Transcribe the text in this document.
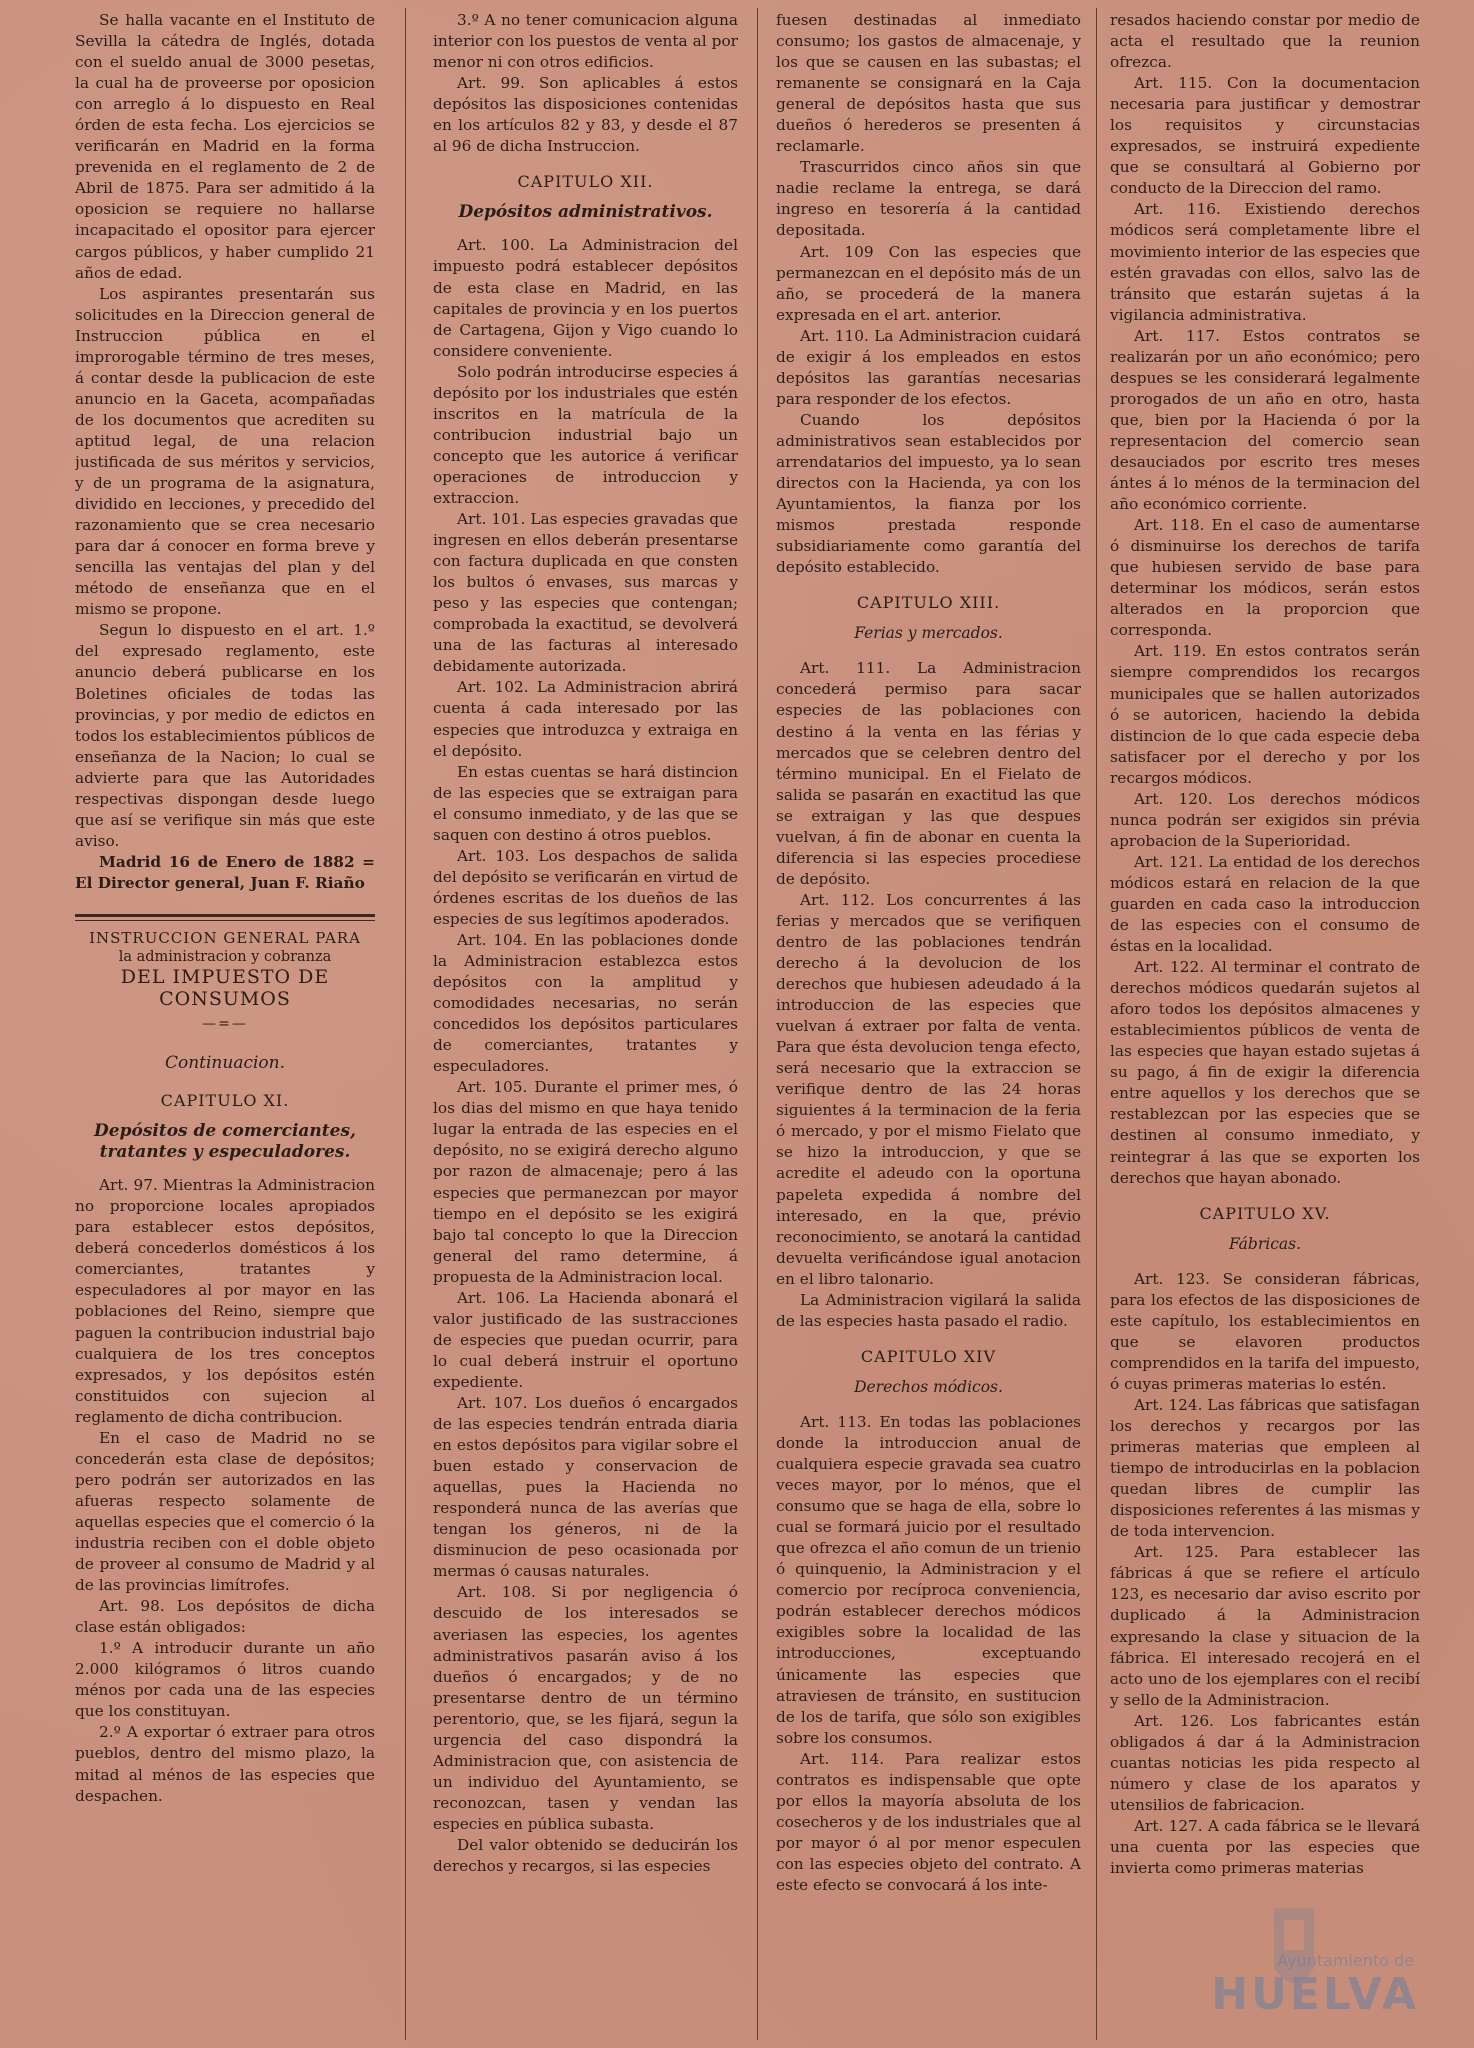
Se halla vacante en el Instituto de Sevilla la cátedra de Inglés, dotada con el sueldo anual de 3000 pesetas, la cual ha de proveerse por oposicion con arreglo á lo dispuesto en Real órden de esta fecha. Los ejercicios se verificarán en Madrid en la forma prevenida en el reglamento de 2 de Abril de 1875. Para ser admitido á la oposicion se requiere no hallarse incapacitado el opositor para ejercer cargos públicos, y haber cumplido 21 años de edad.

Los aspirantes presentarán sus solicitudes en la Direccion general de Instruccion pública en el improrogable término de tres meses, á contar desde la publicacion de este anuncio en la Gaceta, acompañadas de los documentos que acrediten su aptitud legal, de una relacion justificada de sus méritos y servicios, y de un programa de la asignatura, dividido en lecciones, y precedido del razonamiento que se crea necesario para dar á conocer en forma breve y sencilla las ventajas del plan y del método de enseñanza que en el mismo se propone.

Segun lo dispuesto en el art. 1.º del expresado reglamento, este anuncio deberá publicarse en los Boletines oficiales de todas las provincias, y por medio de edictos en todos los establecimientos públicos de enseñanza de la Nacion; lo cual se advierte para que las Autoridades respectivas dispongan desde luego que así se verifique sin más que este aviso.

Madrid 16 de Enero de 1882 = El Director general, Juan F. Riaño

INSTRUCCION GENERAL PARA

la administracion y cobranza

DEL IMPUESTO DE CONSUMOS

—=—

Continuacion.

CAPITULO XI.

Depósitos de comerciantes, tratantes y especuladores.

Art. 97. Mientras la Administracion no proporcione locales apropiados para establecer estos depósitos, deberá concederlos domésticos á los comerciantes, tratantes y especuladores al por mayor en las poblaciones del Reino, siempre que paguen la contribucion industrial bajo cualquiera de los tres conceptos expresados, y los depósitos estén constituidos con sujecion al reglamento de dicha contribucion.

En el caso de Madrid no se concederán esta clase de depósitos; pero podrán ser autorizados en las afueras respecto solamente de aquellas especies que el comercio ó la industria reciben con el doble objeto de proveer al consumo de Madrid y al de las provincias limítrofes.

Art. 98. Los depósitos de dicha clase están obligados:

1.º A introducir durante un año 2.000 kilógramos ó litros cuando ménos por cada una de las especies que los constituyan.

2.º A exportar ó extraer para otros pueblos, dentro del mismo plazo, la mitad al ménos de las especies que despachen.

3.º A no tener comunicacion alguna interior con los puestos de venta al por menor ni con otros edificios.

Art. 99. Son aplicables á estos depósitos las disposiciones contenidas en los artículos 82 y 83, y desde el 87 al 96 de dicha Instruccion.

CAPITULO XII.

Depósitos administrativos.

Art. 100. La Administracion del impuesto podrá establecer depósitos de esta clase en Madrid, en las capitales de provincia y en los puertos de Cartagena, Gijon y Vigo cuando lo considere conveniente.

Solo podrán introducirse especies á depósito por los industriales que estén inscritos en la matrícula de la contribucion industrial bajo un concepto que les autorice á verificar operaciones de introduccion y extraccion.

Art. 101. Las especies gravadas que ingresen en ellos deberán presentarse con factura duplicada en que consten los bultos ó envases, sus marcas y peso y las especies que contengan; comprobada la exactitud, se devolverá una de las facturas al interesado debidamente autorizada.

Art. 102. La Administracion abrirá cuenta á cada interesado por las especies que introduzca y extraiga en el depósito.

En estas cuentas se hará distincion de las especies que se extraigan para el consumo inmediato, y de las que se saquen con destino á otros pueblos.

Art. 103. Los despachos de salida del depósito se verificarán en virtud de órdenes escritas de los dueños de las especies de sus legítimos apoderados.

Art. 104. En las poblaciones donde la Administracion establezca estos depósitos con la amplitud y comodidades necesarias, no serán concedidos los depósitos particulares de comerciantes, tratantes y especuladores.

Art. 105. Durante el primer mes, ó los dias del mismo en que haya tenido lugar la entrada de las especies en el depósito, no se exigirá derecho alguno por razon de almacenaje; pero á las especies que permanezcan por mayor tiempo en el depósito se les exigirá bajo tal concepto lo que la Direccion general del ramo determine, á propuesta de la Administracion local.

Art. 106. La Hacienda abonará el valor justificado de las sustracciones de especies que puedan ocurrir, para lo cual deberá instruir el oportuno expediente.

Art. 107. Los dueños ó encargados de las especies tendrán entrada diaria en estos depósitos para vigilar sobre el buen estado y conservacion de aquellas, pues la Hacienda no responderá nunca de las averías que tengan los géneros, ni de la disminucion de peso ocasionada por mermas ó causas naturales.

Art. 108. Si por negligencia ó descuido de los interesados se averiasen las especies, los agentes administrativos pasarán aviso á los dueños ó encargados; y de no presentarse dentro de un término perentorio, que, se les fijará, segun la urgencia del caso dispondrá la Administracion que, con asistencia de un individuo del Ayuntamiento, se reconozcan, tasen y vendan las especies en pública subasta.

Del valor obtenido se deducirán los derechos y recargos, si las especies

fuesen destinadas al inmediato consumo; los gastos de almacenaje, y los que se causen en las subastas; el remanente se consignará en la Caja general de depósitos hasta que sus dueños ó herederos se presenten á reclamarle.

Trascurridos cinco años sin que nadie reclame la entrega, se dará ingreso en tesorería á la cantidad depositada.

Art. 109 Con las especies que permanezcan en el depósito más de un año, se procederá de la manera expresada en el art. anterior.

Art. 110. La Administracion cuidará de exigir á los empleados en estos depósitos las garantías necesarias para responder de los efectos.

Cuando los depósitos administrativos sean establecidos por arrendatarios del impuesto, ya lo sean directos con la Hacienda, ya con los Ayuntamientos, la fianza por los mismos prestada responde subsidiariamente como garantía del depósito establecido.

CAPITULO XIII.

Ferias y mercados.

Art. 111. La Administracion concederá permiso para sacar especies de las poblaciones con destino á la venta en las férias y mercados que se celebren dentro del término municipal. En el Fielato de salida se pasarán en exactitud las que se extraigan y las que despues vuelvan, á fin de abonar en cuenta la diferencia si las especies procediese de depósito.

Art. 112. Los concurrentes á las ferias y mercados que se verifiquen dentro de las poblaciones tendrán derecho á la devolucion de los derechos que hubiesen adeudado á la introduccion de las especies que vuelvan á extraer por falta de venta. Para que ésta devolucion tenga efecto, será necesario que la extraccion se verifique dentro de las 24 horas siguientes á la terminacion de la feria ó mercado, y por el mismo Fielato que se hizo la introduccion, y que se acredite el adeudo con la oportuna papeleta expedida á nombre del interesado, en la que, prévio reconocimiento, se anotará la cantidad devuelta verificándose igual anotacion en el libro talonario.

La Administracion vigilará la salida de las especies hasta pasado el radio.

CAPITULO XIV

Derechos módicos.

Art. 113. En todas las poblaciones donde la introduccion anual de cualquiera especie gravada sea cuatro veces mayor, por lo ménos, que el consumo que se haga de ella, sobre lo cual se formará juicio por el resultado que ofrezca el año comun de un trienio ó quinquenio, la Administracion y el comercio por recíproca conveniencia, podrán establecer derechos módicos exigibles sobre la localidad de las introducciones, exceptuando únicamente las especies que atraviesen de tránsito, en sustitucion de los de tarifa, que sólo son exigibles sobre los consumos.

Art. 114. Para realizar estos contratos es indispensable que opte por ellos la mayoría absoluta de los cosecheros y de los industriales que al por mayor ó al por menor especulen con las especies objeto del contrato. A este efecto se convocará á los inte-

resados haciendo constar por medio de acta el resultado que la reunion ofrezca.

Art. 115. Con la documentacion necesaria para justificar y demostrar los requisitos y circunstacias expresados, se instruirá expediente que se consultará al Gobierno por conducto de la Direccion del ramo.

Art. 116. Existiendo derechos módicos será completamente libre el movimiento interior de las especies que estén gravadas con ellos, salvo las de tránsito que estarán sujetas á la vigilancia administrativa.

Art. 117. Estos contratos se realizarán por un año económico; pero despues se les considerará legalmente prorogados de un año en otro, hasta que, bien por la Hacienda ó por la representacion del comercio sean desauciados por escrito tres meses ántes á lo ménos de la terminacion del año económico corriente.

Art. 118. En el caso de aumentarse ó disminuirse los derechos de tarifa que hubiesen servido de base para determinar los módicos, serán estos alterados en la proporcion que corresponda.

Art. 119. En estos contratos serán siempre comprendidos los recargos municipales que se hallen autorizados ó se autoricen, haciendo la debida distincion de lo que cada especie deba satisfacer por el derecho y por los recargos módicos.

Art. 120. Los derechos módicos nunca podrán ser exigidos sin prévia aprobacion de la Superioridad.

Art. 121. La entidad de los derechos módicos estará en relacion de la que guarden en cada caso la introduccion de las especies con el consumo de éstas en la localidad.

Art. 122. Al terminar el contrato de derechos módicos quedarán sujetos al aforo todos los depósitos almacenes y establecimientos públicos de venta de las especies que hayan estado sujetas á su pago, á fin de exigir la diferencia entre aquellos y los derechos que se restablezcan por las especies que se destinen al consumo inmediato, y reintegrar á las que se exporten los derechos que hayan abonado.

CAPITULO XV.

Fábricas.

Art. 123. Se consideran fábricas, para los efectos de las disposiciones de este capítulo, los establecimientos en que se elavoren productos comprendidos en la tarifa del impuesto, ó cuyas primeras materias lo estén.

Art. 124. Las fábricas que satisfagan los derechos y recargos por las primeras materias que empleen al tiempo de introducirlas en la poblacion quedan libres de cumplir las disposiciones referentes á las mismas y de toda intervencion.

Art. 125. Para establecer las fábricas á que se refiere el artículo 123, es necesario dar aviso escrito por duplicado á la Administracion expresando la clase y situacion de la fábrica. El interesado recojerá en el acto uno de los ejemplares con el recibí y sello de la Administracion.

Art. 126. Los fabricantes están obligados á dar á la Administracion cuantas noticias les pida respecto al número y clase de los aparatos y utensilios de fabricacion.

Art. 127. A cada fábrica se le llevará una cuenta por las especies que invierta como primeras materias

Ayuntamiento de
HUELVA
